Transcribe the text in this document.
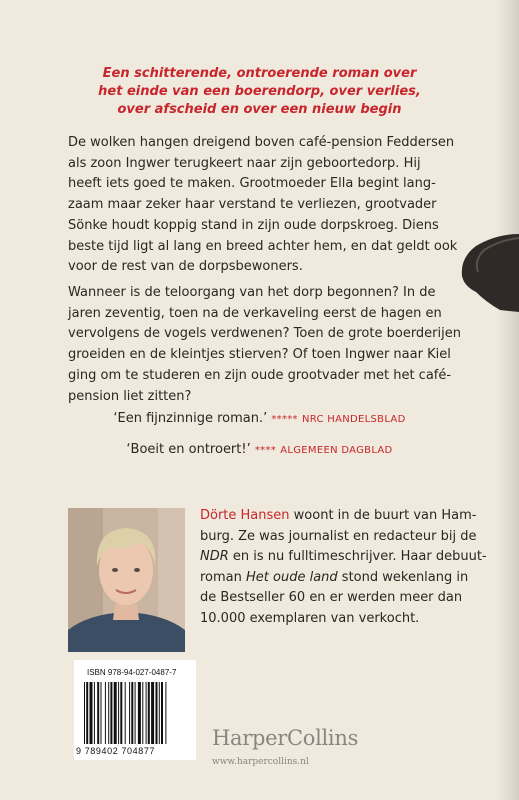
Een schitterende, ontroerende roman over
het einde van een boerendorp, over verlies,
over afscheid en over een nieuw begin
De wolken hangen dreigend boven café-pension Feddersen
als zoon Ingwer terugkeert naar zijn geboortedorp. Hij
heeft iets goed te maken. Grootmoeder Ella begint lang-
zaam maar zeker haar verstand te verliezen, grootvader
Sönke houdt koppig stand in zijn oude dorpskroeg. Diens
beste tijd ligt al lang en breed achter hem, en dat geldt ook
voor de rest van de dorpsbewoners.
Wanneer is de teloorgang van het dorp begonnen? In de
jaren zeventig, toen na de verkaveling eerst de hagen en
vervolgens de vogels verdwenen? Toen de grote boerderijen
groeiden en de kleintjes stierven? Of toen Ingwer naar Kiel
ging om te studeren en zijn oude grootvader met het café-
pension liet zitten?
‘Een fijnzinnige roman.’ ***** NRC HANDELSBLAD
‘Boeit en ontroert!’ **** ALGEMEEN DAGBLAD
Dörte Hansen woont in de buurt van Ham-
burg. Ze was journalist en redacteur bij de
NDR en is nu fulltimeschrijver. Haar debuut-
roman Het oude land stond wekenlang in
de Bestseller 60 en er werden meer dan
10.000 exemplaren van verkocht.
ISBN 978-94-027-0487-7
9 789402 704877
HarperCollins
www.harpercollins.nl
